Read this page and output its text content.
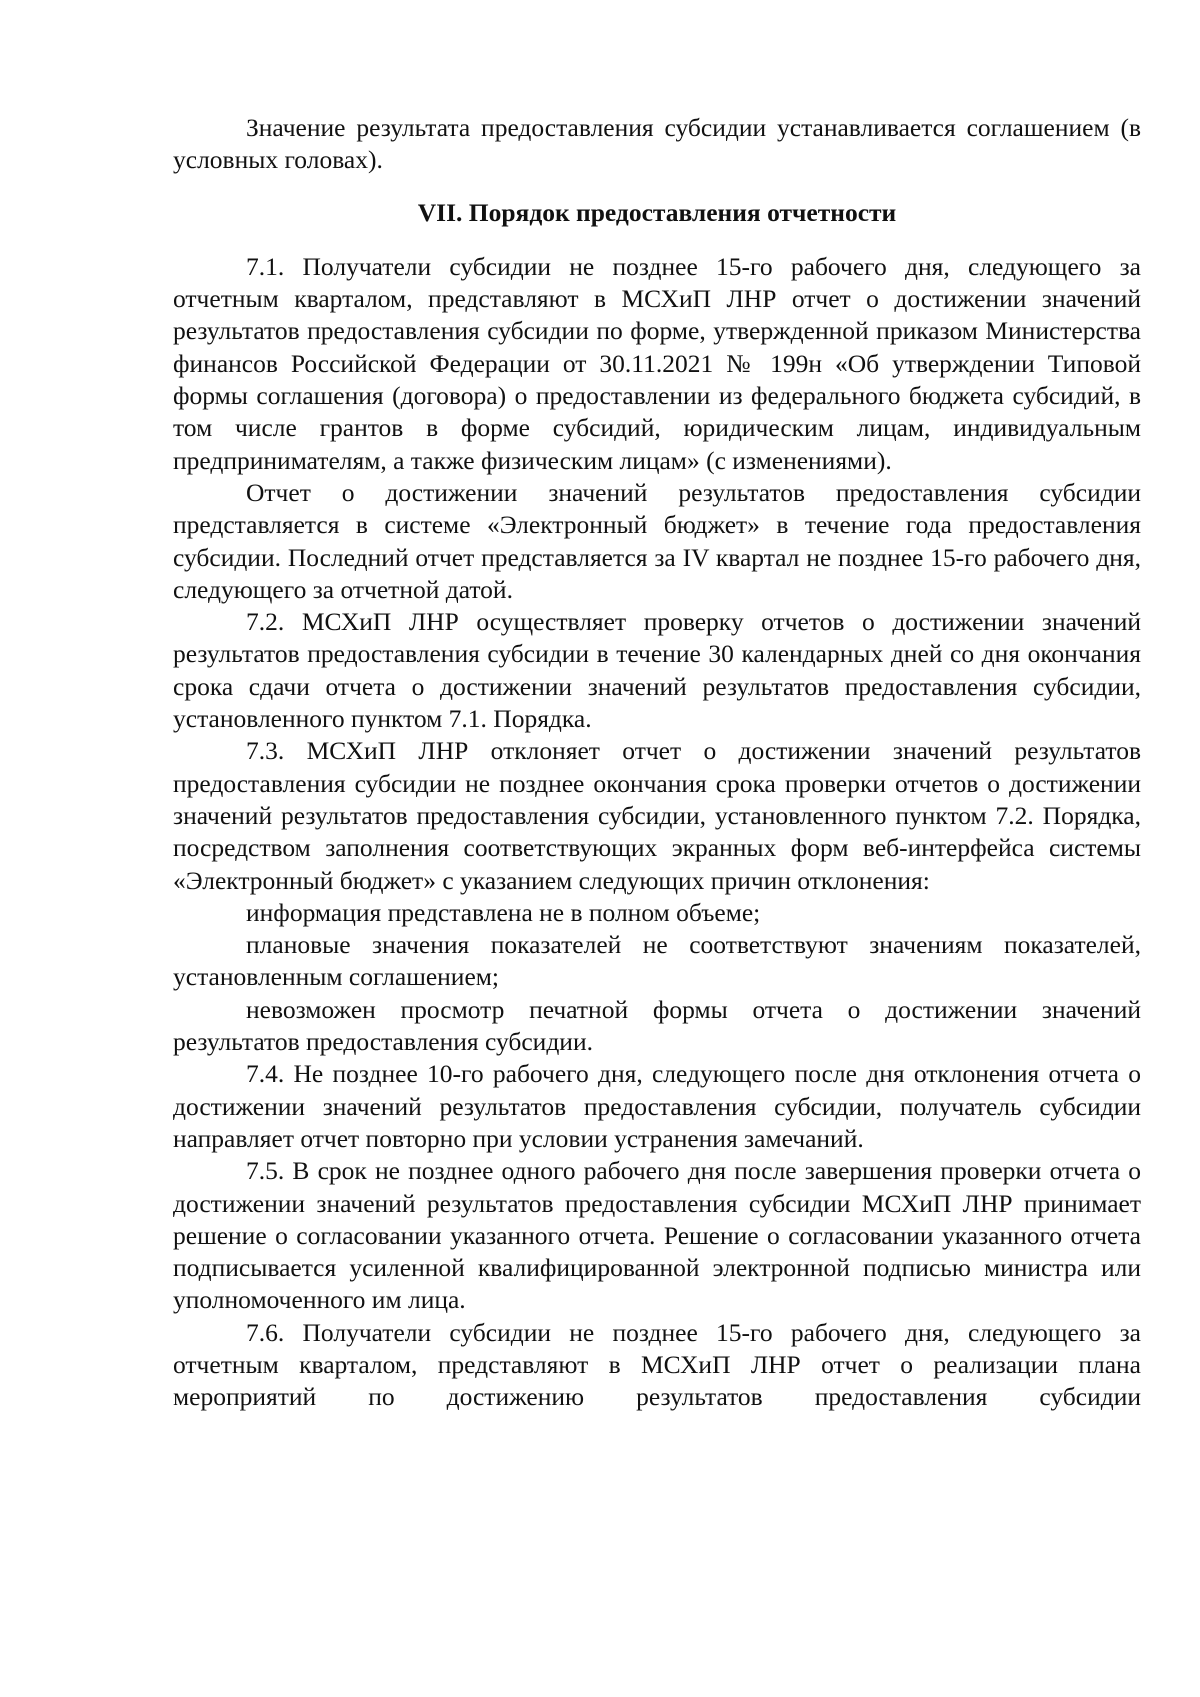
Значение результата предоставления субсидии устанавливается соглашением (в условных головах).

VII. Порядок предоставления отчетности

7.1. Получатели субсидии не позднее 15-го рабочего дня, следующего за отчетным кварталом, представляют в МСХиП ЛНР отчет о достижении значений результатов предоставления субсидии по форме, утвержденной приказом Министерства финансов Российской Федерации от 30.11.2021 № 199н «Об утверждении Типовой формы соглашения (договора) о предоставлении из федерального бюджета субсидий, в том числе грантов в форме субсидий, юридическим лицам, индивидуальным предпринимателям, а также физическим лицам» (с изменениями).

Отчет о достижении значений результатов предоставления субсидии представляется в системе «Электронный бюджет» в течение года предоставления субсидии. Последний отчет представляется за IV квартал не позднее 15-го рабочего дня, следующего за отчетной датой.

7.2. МСХиП ЛНР осуществляет проверку отчетов о достижении значений результатов предоставления субсидии в течение 30 календарных дней со дня окончания срока сдачи отчета о достижении значений результатов предоставления субсидии, установленного пунктом 7.1. Порядка.

7.3. МСХиП ЛНР отклоняет отчет о достижении значений результатов предоставления субсидии не позднее окончания срока проверки отчетов о достижении значений результатов предоставления субсидии, установленного пунктом 7.2. Порядка, посредством заполнения соответствующих экранных форм веб-интерфейса системы «Электронный бюджет» с указанием следующих причин отклонения:

информация представлена не в полном объеме;

плановые значения показателей не соответствуют значениям показателей, установленным соглашением;

невозможен просмотр печатной формы отчета о достижении значений результатов предоставления субсидии.

7.4. Не позднее 10-го рабочего дня, следующего после дня отклонения отчета о достижении значений результатов предоставления субсидии, получатель субсидии направляет отчет повторно при условии устранения замечаний.

7.5. В срок не позднее одного рабочего дня после завершения проверки отчета о достижении значений результатов предоставления субсидии МСХиП ЛНР принимает решение о согласовании указанного отчета. Решение о согласовании указанного отчета подписывается усиленной квалифицированной электронной подписью министра или уполномоченного им лица.

7.6. Получатели субсидии не позднее 15-го рабочего дня, следующего за отчетным кварталом, представляют в МСХиП ЛНР отчет о реализации плана мероприятий по достижению результатов предоставления субсидии
